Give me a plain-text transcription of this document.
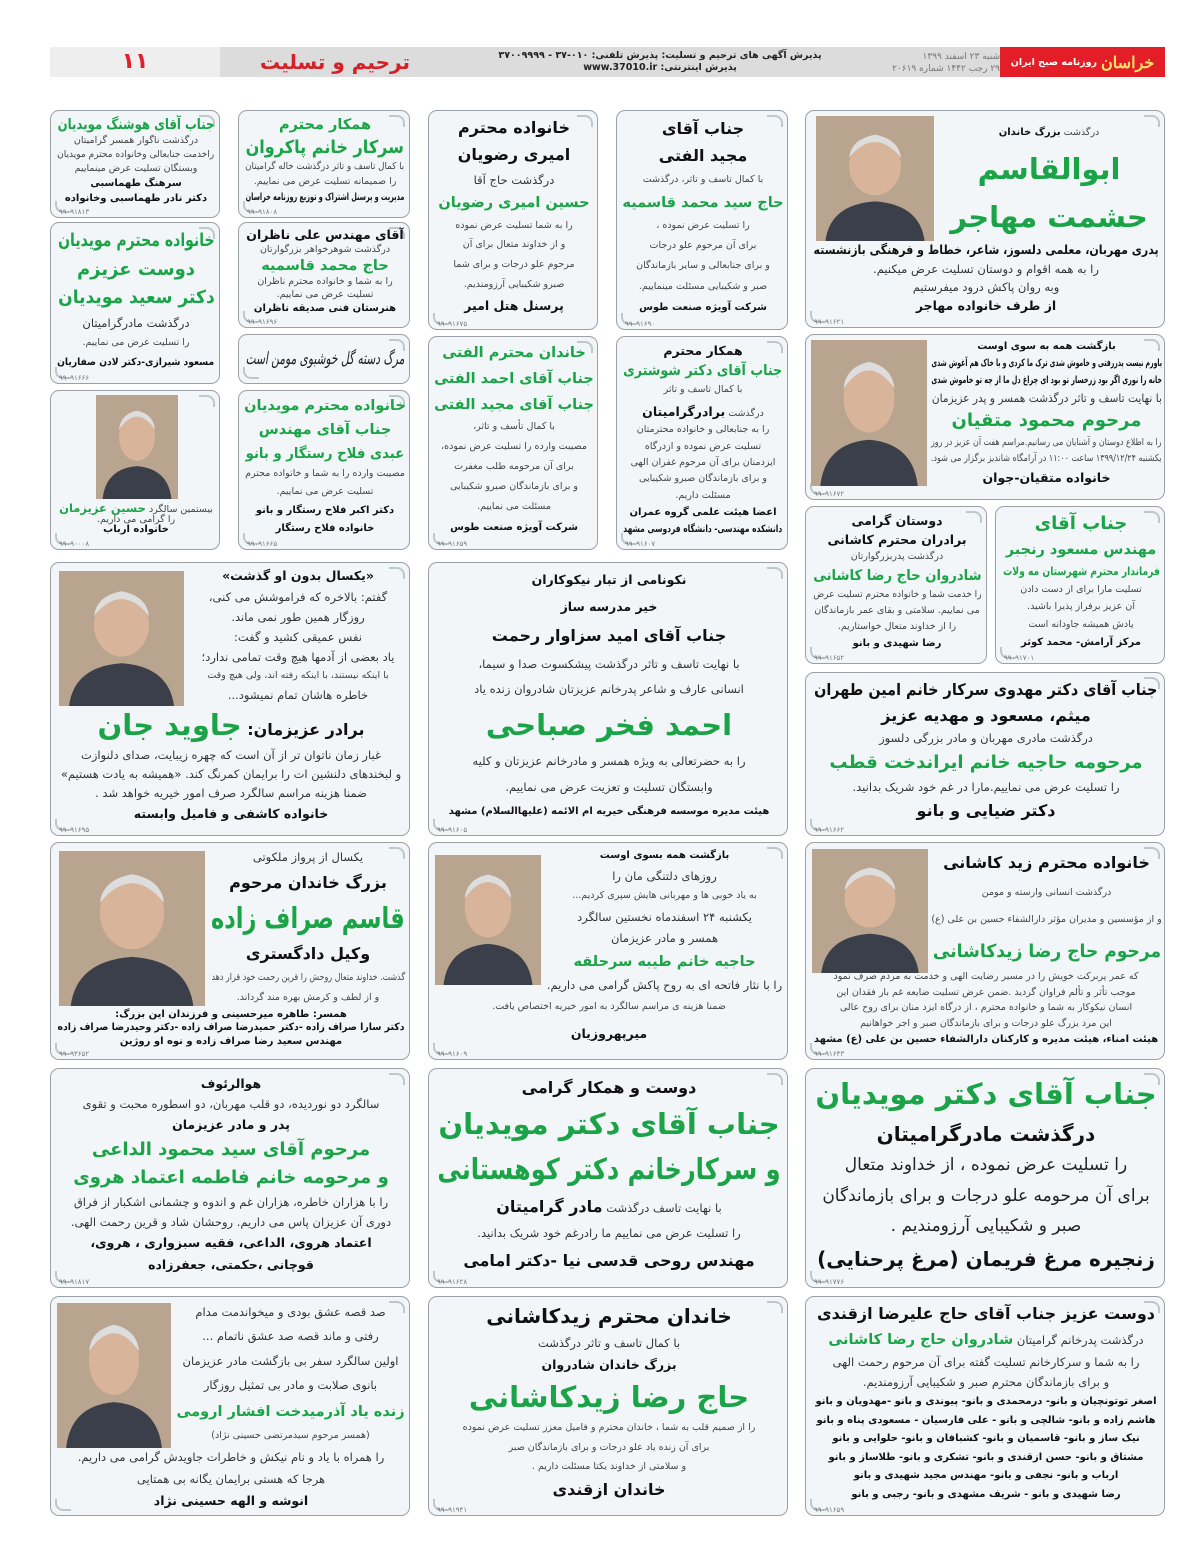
۱۱	ترحیم و تسلیت	پذیرش آگهی های ترحیم و تسلیت: پذیرش تلفنی: ۰۱۰-۳۷ - ۳۷۰۰۹۹۹۹
پذیرش اینترنتی: www.37010.ir
شنبه ۲۳ اسفند ۱۳۹۹
۲۹ رجب ۱۴۴۲ شماره ۲۰۶۱۹	خراسان
روزنامه صبح ایران
جناب آقای هوشنگ مویدیان
درگذشت ناگوار همسر گرامیتان
راخدمت جنابعالی وخانواده محترم مویدیان
وبستگان تسلیت عرض مینماییم
سرهنگ طهماسبی
دکتر نادر طهماسبی وخانواده
۹۹۰۹۱۸۱۳
همکار محترم
سرکار خانم پاکروان
با کمال تاسف و تاثر درگذشت خاله گرامیتان
را صمیمانه تسلیت عرض می نماییم.
مدیریت و پرسنل اشتراک و توزیع روزنامه خراسان
۹۹۰۹۱۸۰۸
خانواده محترم مویدیان
دوست عزیزم
دکتر سعید مویدیان
درگذشت مادرگرامیتان
را تسلیت عرض می نماییم.
مسعود شیرازی-دکتر لادن صفاریان
۹۹۰۹۱۶۶۶
آقای مهندس علی ناظران
درگذشت شوهرخواهر بزرگوارتان
حاج محمد قاسمیه
را به شما و خانواده محترم ناظران
تسلیت عرض می نماییم.
هنرستان فنی صدیقه ناظران
۹۹۰۹۱۶۹۶
مرگ دسته گل خوشبوی مومن است
بیستمین سالگرد حسین عزیزمان
را گرامی می داریم.
خانواده ارباب
۹۹۰۹۰۰۰۸
خانواده محترم مویدیان
جناب آقای مهندس
عبدی فلاح رستگار و بانو
مصیبت وارده را به شما و خانواده محترم
تسلیت عرض می نماییم.
دکتر اکبر فلاح رستگار و بانو
خانواده فلاح رستگار
۹۹۰۹۱۶۶۵
خانواده محترم
امیری رضویان
درگذشت حاج آقا
حسین امیری رضویان
را به شما تسلیت عرض نموده
و از خداوند متعال برای آن
مرحوم علو درجات و برای شما
صبرو شکیبایی آرزومندیم.
پرسنل هتل امیر
۹۹۰۹۱۶۷۵
جناب آقای
مجید الفتی
با کمال تاسف و تاثر، درگذشت
حاج سید محمد قاسمیه
را تسلیت عرض نموده ،
برای آن مرحوم علو درجات
و برای جنابعالی و سایر بازماندگان
صبر و شکیبایی مسئلت مینماییم.
شرکت آویژه صنعت طوس
۹۹۰۹۱۶۹۰
خاندان محترم الفتی
جناب آقای احمد الفتی
جناب آقای مجید الفتی
با کمال تأسف و تاثر،
مصیبت وارده را تسلیت عرض نموده،
برای آن مرحومه طلب مغفرت
و برای بازماندگان صبرو شکیبایی
مسئلت می نماییم.
شرکت آویژه صنعت طوس
۹۹۰۹۱۶۵۹
همکار محترم
جناب آقای دکتر شوشتری
با کمال تاسف و تاثر
درگذشت برادرگرامیتان
را به جنابعالی و خانواده محترمتان
تسلیت عرض نموده و ازدرگاه
ایزدمنان برای آن مرحوم غفران الهی
و برای بازماندگان صبرو شکیبایی
مسئلت داریم.
اعضا هیئت علمی گروه عمران
دانشکده مهندسی- دانشگاه فردوسی مشهد
۹۹۰۹۱۶۰۷
درگذشت بزرگ خاندان
ابوالقاسم
حشمت مهاجر
پدری مهربان، معلمی دلسوز، شاعر، خطاط و فرهنگی بازنشسته
را به همه اقوام و دوستان تسلیت عرض میکنیم.
وبه روان پاکش درود میفرستیم
از طرف خانواده مهاجر
۹۹۰۹۱۶۲۱
بازگشت همه به سوی اوست
باورم نیست پدررفتی و خاموش شدی ترک ما کردی و با خاک هم آغوش شدی
خانه را نوری اگر بود زرخسار تو بود ای چراغ دل ما از چه تو خاموش شدی
با نهایت تاسف و تاثر درگذشت همسر و پدر عزیزمان
مرحوم محمود متقیان
را به اطلاع دوستان و آشنایان می رسانیم.مراسم هفت آن عزیز در روز
یکشنبه ۱۳۹۹/۱۲/۲۴ ساعت ۱۱:۰۰ در آرامگاه شاندیز برگزار می شود.
خانواده متقیان-جوان
۹۹۰۹۱۶۷۲
دوستان گرامی
برادران محترم کاشانی
درگذشت پدربزرگوارتان
شادروان حاج رضا کاشانی
را خدمت شما و خانواده محترم تسلیت عرض
می نماییم. سلامتی و بقای عمر بازماندگان
را از خداوند متعال خواستاریم.
رضا شهیدی و بانو
۹۹۰۹۱۶۵۲
جناب آقای
مهندس مسعود رنجبر
فرماندار محترم شهرستان مه ولات
تسلیت مارا برای از دست دادن
آن عزیز برفراز پذیرا باشید.
یادش همیشه جاودانه است
مرکز آرامش- محمد کوثر
۹۹۰۹۱۷۰۱
«یکسال بدون او گذشت»
گفتم: بالاخره که فراموشش می کنی،
روزگار همین طور نمی ماند.
نفس عمیقی کشید و گفت:
یاد بعضی از آدمها هیچ وقت تمامی ندارد؛
با اینکه نیستند، با اینکه رفته اند، ولی هیچ وقت
خاطره هاشان تمام نمیشود...
برادر عزیزمان: جاوید جان
غبار زمان ناتوان تر از آن است که چهره زیبایت، صدای دلنوازت
و لبخندهای دلنشین ات را برایمان کمرنگ کند. «همیشه به یادت هستیم»
ضمنا هزینه مراسم سالگرد صرف امور خیریه خواهد شد .
خانواده کاشفی و فامیل وابسته
۹۹۰۹۱۶۹۵
نکونامی از تبار نیکوکاران
خیر مدرسه ساز
جناب آقای امید سزاوار رحمت
با نهایت تاسف و تاثر درگذشت پیشکسوت صدا و سیما،
انسانی عارف و شاعر پدرخانم عزیزتان شادروان زنده یاد
احمد فخر صباحی
را به حضرتعالی به ویژه همسر و مادرخانم عزیزتان و کلیه
وابستگان تسلیت و تعزیت عرض می نماییم.
هیئت مدیره موسسه فرهنگی خیریه ام الائمه (علیهاالسلام) مشهد
۹۹۰۹۱۶۰۵
جناب آقای دکتر مهدوی سرکار خانم امین طهران
میثم، مسعود و مهدیه عزیز
درگذشت مادری مهربان و مادر بزرگی دلسوز
مرحومه حاجیه خانم ایراندخت قطب
را تسلیت عرض می نماییم.مارا در غم خود شریک بدانید.
دکتر ضیایی و بانو
۹۹۰۹۱۶۶۲
یکسال از پرواز ملکوتی
بزرگ خاندان مرحوم
قاسم صراف زاده
وکیل دادگستری
گذشت. خداوند متعال روحش را قرین رحمت خود قرار دهد
و از لطف و کرمش بهره مند گرداند.
همسر: طاهره میرحسینی و فرزندان این بزرگ:
دکتر سارا صراف زاده -دکتر حمیدرضا صراف زاده -دکتر وحیدرضا صراف زاده
مهندس سعید رضا صراف زاده و نوه او روژین
۹۹۰۹۳۶۵۲
بازگشت همه بسوی اوست
روزهای دلتنگی مان را
به یاد خوبی ها و مهربانی هایش سپری کردیم...
یکشنبه ۲۴ اسفندماه نخستین سالگرد
همسر و مادر عزیزمان
حاجیه خانم طیبه سرحلقه
را با نثار فاتحه ای به روح پاکش گرامی می داریم.
ضمنا هزینه ی مراسم سالگرد به امور خیریه اختصاص یافت.
میرپهروزیان
۹۹۰۹۱۶۰۹
خانواده محترم زید کاشانی
درگذشت انسانی وارسته و مومن
و از مؤسسین و مدیران مؤثر دارالشفاء حسین بن علی (ع)
مرحوم حاج رضا زیدکاشانی
که عمر پربرکت خویش را در مسیر رضایت الهی و خدمت به مردم صرف نمود
موجب تأثر و تألم فراوان گردید .ضمن عرض تسلیت ضایعه غم بار فقدان این
انسان نیکوکار به شما و خانواده محترم ، از درگاه ایزد منان برای روح عالی
این مرد بزرگ علو درجات و برای بازماندگان صبر و اجر خواهانیم
هیئت امناء، هیئت مدیره و کارکنان دارالشفاء حسین بن علی (ع) مشهد
۹۹۰۹۱۶۴۳
هوالرئوف
سالگرد دو نوردیده، دو قلب مهربان، دو اسطوره محبت و تقوی
پدر و مادر عزیزمان
مرحوم آقای سید محمود الداعی
و مرحومه خانم فاطمه اعتماد هروی
را با هزاران خاطره، هزاران غم و اندوه و چشمانی اشکبار از فراق
دوری آن عزیزان پاس می داریم. روحشان شاد و قرین رحمت الهی.
اعتماد هروی، الداعی، فقیه سبزواری ، هروی،
قوچانی ،حکمتی، جعفرزاده
۹۹۰۹۱۸۱۷
دوست و همکار گرامی
جناب آقای دکتر مویدیان
و سرکارخانم دکتر کوهستانی
با نهایت تاسف درگذشت مادر گرامیتان
را تسلیت عرض می نماییم ما رادرغم خود شریک بدانید.
مهندس روحی قدسی نیا -دکتر امامی
۹۹۰۹۱۶۲۸
جناب آقای دکتر مویدیان
درگذشت مادرگرامیتان
را تسلیت عرض نموده ، از خداوند متعال
برای آن مرحومه علو درجات و برای بازماندگان
صبر و شکیبایی آرزومندیم .
زنجیره مرغ فریمان (مرغ پرحنایی)
۹۹۰۹۱۷۷۶
صد قصه عشق بودی و میخواندمت مدام
رفتی و ماند قصه صد عشق ناتمام ...
اولین سالگرد سفر بی بازگشت مادر عزیزمان
بانوی صلابت و مادر بی تمثیل روزگار
زنده یاد آذرمیدخت افشار ارومی
(همسر مرحوم سیدمرتضی حسینی نژاد)
را همراه با یاد و نام نیکش و خاطرات جاویدش گرامی می داریم.
هرجا که هستی برایمان یگانه بی همتایی
انوشه و الهه حسینی نژاد
خاندان محترم زیدکاشانی
با کمال تاسف و تاثر درگذشت
بزرگ خاندان شادروان
حاج رضا زیدکاشانی
را از صمیم قلب به شما ، خاندان محترم و فامیل معزز تسلیت عرض نموده
برای آن زنده یاد علو درجات و برای بازماندگان صبر
و سلامتی از خداوند یکتا مسئلت داریم .
خاندان ازقندی
۹۹۰۹۱۹۴۱
دوست عزیز جناب آقای حاج علیرضا ازقندی
درگذشت پدرخانم گرامیتان شادروان حاج رضا کاشانی
را به شما و سرکارخانم تسلیت گفته برای آن مرحوم رحمت الهی
و برای بازماندگان محترم صبر و شکیبایی آرزومندیم.
اصغر توتونچیان و بانو- درمحمدی و بانو- پیوندی و بانو -مهدویان و بانو
هاشم زاده و بانو- شالچی و بانو - علی فارسیان - مسعودی پناه و بانو
نیک ساز و بانو- قاسمیان و بانو- کشبافان و بانو- حلوایی و بانو
مشتاق و بانو- حسن ازقندی و بانو- تشکری و بانو- طلاساز و بانو
ارباب و بانو- نجفی و بانو- مهندس مجید شهیدی و بانو
رضا شهیدی و بانو - شریف مشهدی و بانو- رجبی و بانو
۹۹۰۹۱۶۵۹
